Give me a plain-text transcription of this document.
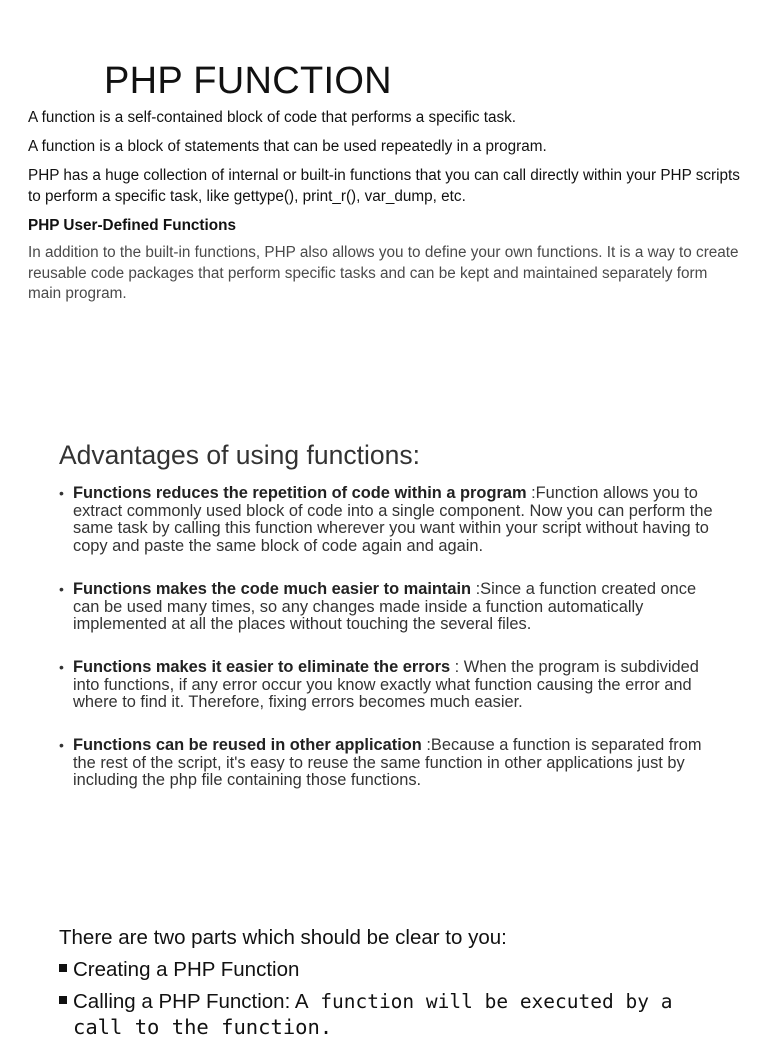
PHP FUNCTION

A function is a self-contained block of code that performs a specific task.

A function is a block of statements that can be used repeatedly in a program.

PHP has a huge collection of internal or built-in functions that you can call directly within your PHP scripts to perform a specific task, like gettype(), print_r(), var_dump, etc.

PHP User-Defined Functions

In addition to the built-in functions, PHP also allows you to define your own functions. It is a way to create reusable code packages that perform specific tasks and can be kept and maintained separately form main program.

Advantages of using functions:
• Functions reduces the repetition of code within a program :Function allows you to extract commonly used block of code into a single component. Now you can perform the same task by calling this function wherever you want within your script without having to copy and paste the same block of code again and again.
• Functions makes the code much easier to maintain :Since a function created once can be used many times, so any changes made inside a function automatically implemented at all the places without touching the several files.
• Functions makes it easier to eliminate the errors : When the program is subdivided into functions, if any error occur you know exactly what function causing the error and where to find it. Therefore, fixing errors becomes much easier.
• Functions can be reused in other application :Because a function is separated from the rest of the script, it's easy to reuse the same function in other applications just by including the php file containing those functions.

There are two parts which should be clear to you:

Creating a PHP Function
Calling a PHP Function: A function will be executed by a
call to the function.
